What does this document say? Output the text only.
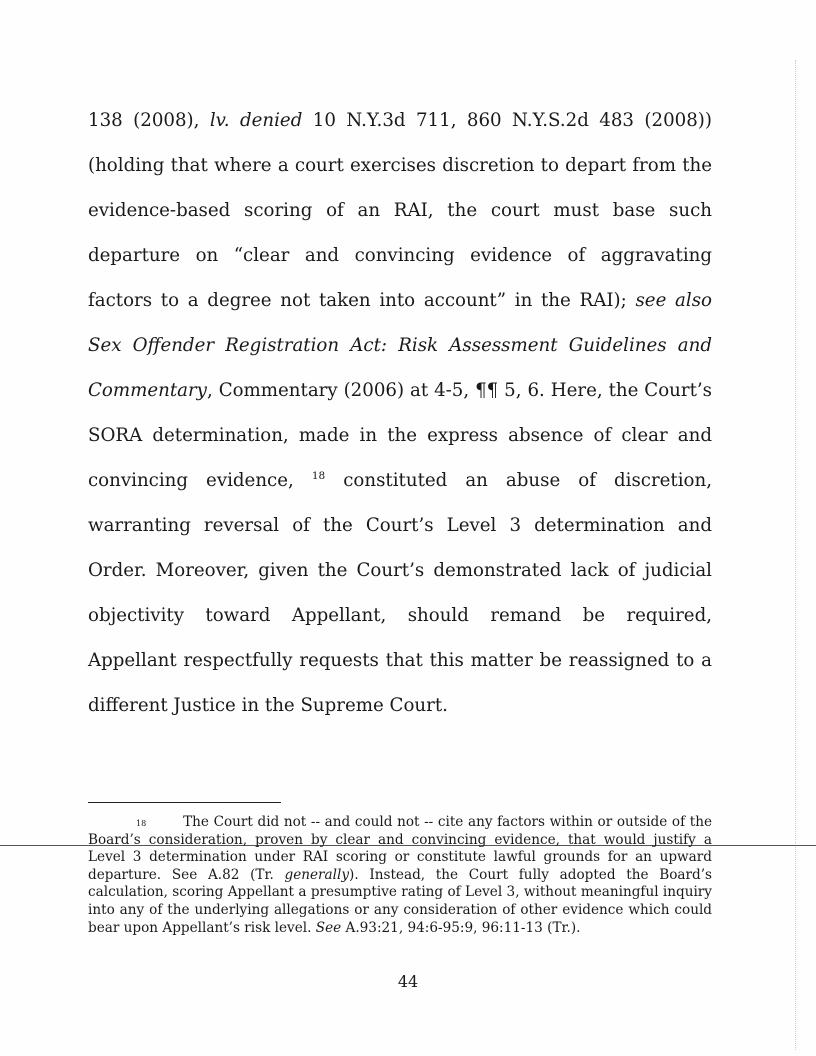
138 (2008), lv. denied 10 N.Y.3d 711, 860 N.Y.S.2d 483 (2008)) (holding that where a court exercises discretion to depart from the evidence-based scoring of an RAI, the court must base such departure on “clear and convincing evidence of aggravating factors to a degree not taken into account” in the RAI); see also Sex Offender Registration Act: Risk Assessment Guidelines and Commentary, Commentary (2006) at 4-5, ¶¶ 5, 6. Here, the Court’s SORA determination, made in the express absence of clear and convincing evidence, $^{18}$ constituted an abuse of discretion, warranting reversal of the Court’s Level 3 determination and Order. Moreover, given the Court’s demonstrated lack of judicial objectivity toward Appellant, should remand be required, Appellant respectfully requests that this matter be reassigned to a different Justice in the Supreme Court.

$^{18}$	The Court did not -- and could not -- cite any factors within or outside of the Board’s consideration, proven by clear and convincing evidence, that would justify a Level 3 determination under RAI scoring or constitute lawful grounds for an upward departure. See A.82 (Tr. generally). Instead, the Court fully adopted the Board’s calculation, scoring Appellant a presumptive rating of Level 3, without meaningful inquiry into any of the underlying allegations or any consideration of other evidence which could bear upon Appellant’s risk level. See A.93:21, 94:6-95:9, 96:11-13 (Tr.).

44
